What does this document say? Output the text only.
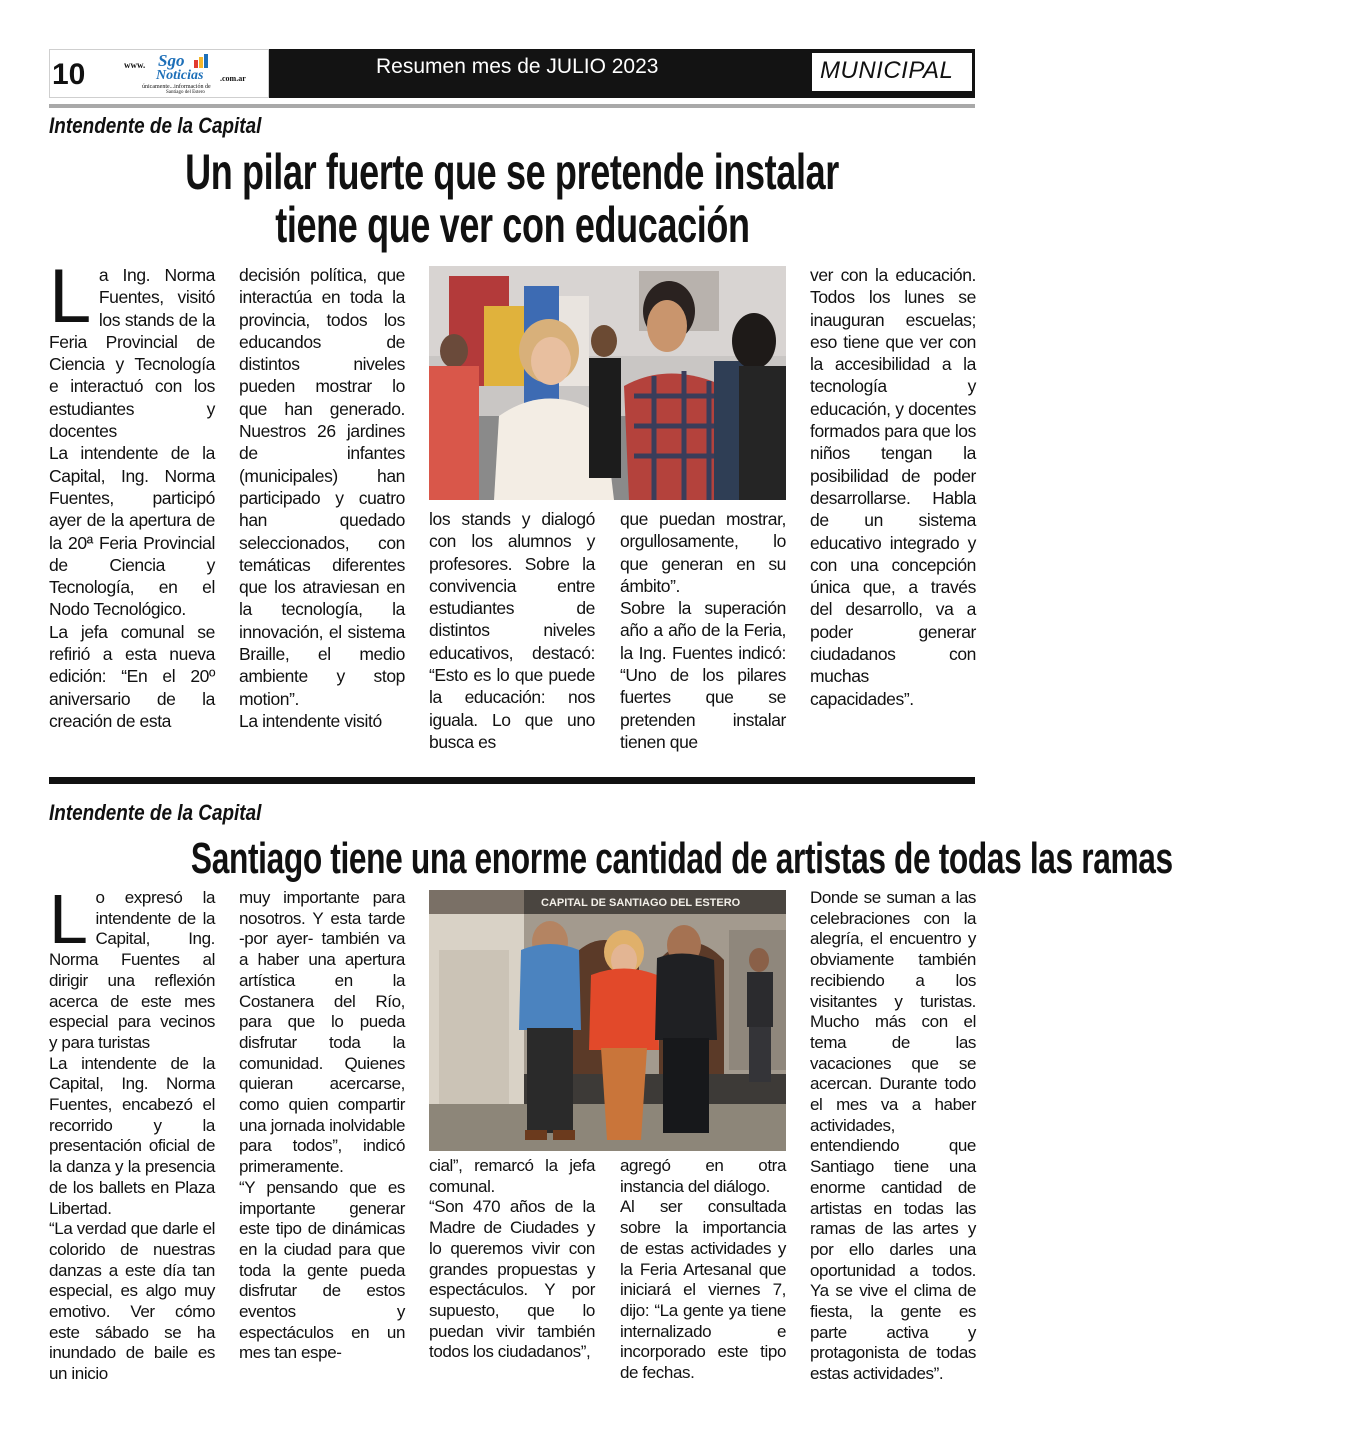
10	www. Sgo
Noticias .com.ar
únicamente...información de
Santiago del Estero
Resumen mes de JULIO 2023	MUNICIPAL
Intendente de la Capital
Un pilar fuerte que se pretende instalar
tiene que ver con educación
L a Ing. Norma Fuentes, visitó los stands de la Feria Provincial de Ciencia y Tecnología e interactuó con los estudiantes y docentes

La intendente de la Capital, Ing. Norma Fuentes, participó ayer de la apertura de la 20ª Feria Provincial de Ciencia y Tecnología, en el Nodo Tecnológico.

La jefa comunal se refirió a esta nueva edición: “En el 20º aniversario de la creación de esta

decisión política, que interactúa en toda la provincia, todos los educandos de distintos niveles pueden mostrar lo que han generado. Nuestros 26 jardines de infantes (municipales) han participado y cuatro han quedado seleccionados, con temáticas diferentes que los atraviesan en la tecnología, la innovación, el sistema Braille, el medio ambiente y stop motion”.

La intendente visitó

los stands y dialogó con los alumnos y profesores. Sobre la convivencia entre estudiantes de distintos niveles educativos, destacó: “Esto es lo que puede la educación: nos iguala. Lo que uno busca es

que puedan mostrar, orgullosamente, lo que generan en su ámbito”.

Sobre la superación año a año de la Feria, la Ing. Fuentes indicó: “Uno de los pilares fuertes que se pretenden instalar tienen que

ver con la educación. Todos los lunes se inauguran escuelas; eso tiene que ver con la accesibilidad a la tecnología y educación, y docentes formados para que los niños tengan la posibilidad de poder desarrollarse. Habla de un sistema educativo integrado y con una concepción única que, a través del desarrollo, va a poder generar ciudadanos con muchas capacidades”.

Intendente de la Capital
Santiago tiene una enorme cantidad de artistas de todas las ramas
L o expresó la intendente de la Capital, Ing. Norma Fuentes al dirigir una reflexión acerca de este mes especial para vecinos y para turistas

La intendente de la Capital, Ing. Norma Fuentes, encabezó el recorrido y la presentación oficial de la danza y la presencia de los ballets en Plaza Libertad.

“La verdad que darle el colorido de nuestras danzas a este día tan especial, es algo muy emotivo. Ver cómo este sábado se ha inundado de baile es un inicio

muy importante para nosotros. Y esta tarde -por ayer- también va a haber una apertura artística en la Costanera del Río, para que lo pueda disfrutar toda la comunidad. Quienes quieran acercarse, como quien compartir una jornada inolvidable para todos”, indicó primeramente.

“Y pensando que es importante generar este tipo de dinámicas en la ciudad para que toda la gente pueda disfrutar de estos eventos y espectáculos en un mes tan espe-

CAPITAL DE SANTIAGO DEL ESTERO

cial”, remarcó la jefa comunal.

“Son 470 años de la Madre de Ciudades y lo queremos vivir con grandes propuestas y espectáculos. Y por supuesto, que lo puedan vivir también todos los ciudadanos”,

agregó en otra instancia del diálogo.

Al ser consultada sobre la importancia de estas actividades y la Feria Artesanal que iniciará el viernes 7, dijo: “La gente ya tiene internalizado e incorporado este tipo de fechas.

Donde se suman a las celebraciones con la alegría, el encuentro y obviamente también recibiendo a los visitantes y turistas. Mucho más con el tema de las vacaciones que se acercan. Durante todo el mes va a haber actividades, entendiendo que Santiago tiene una enorme cantidad de artistas en todas las ramas de las artes y por ello darles una oportunidad a todos. Ya se vive el clima de fiesta, la gente es parte activa y protagonista de todas estas actividades”.
